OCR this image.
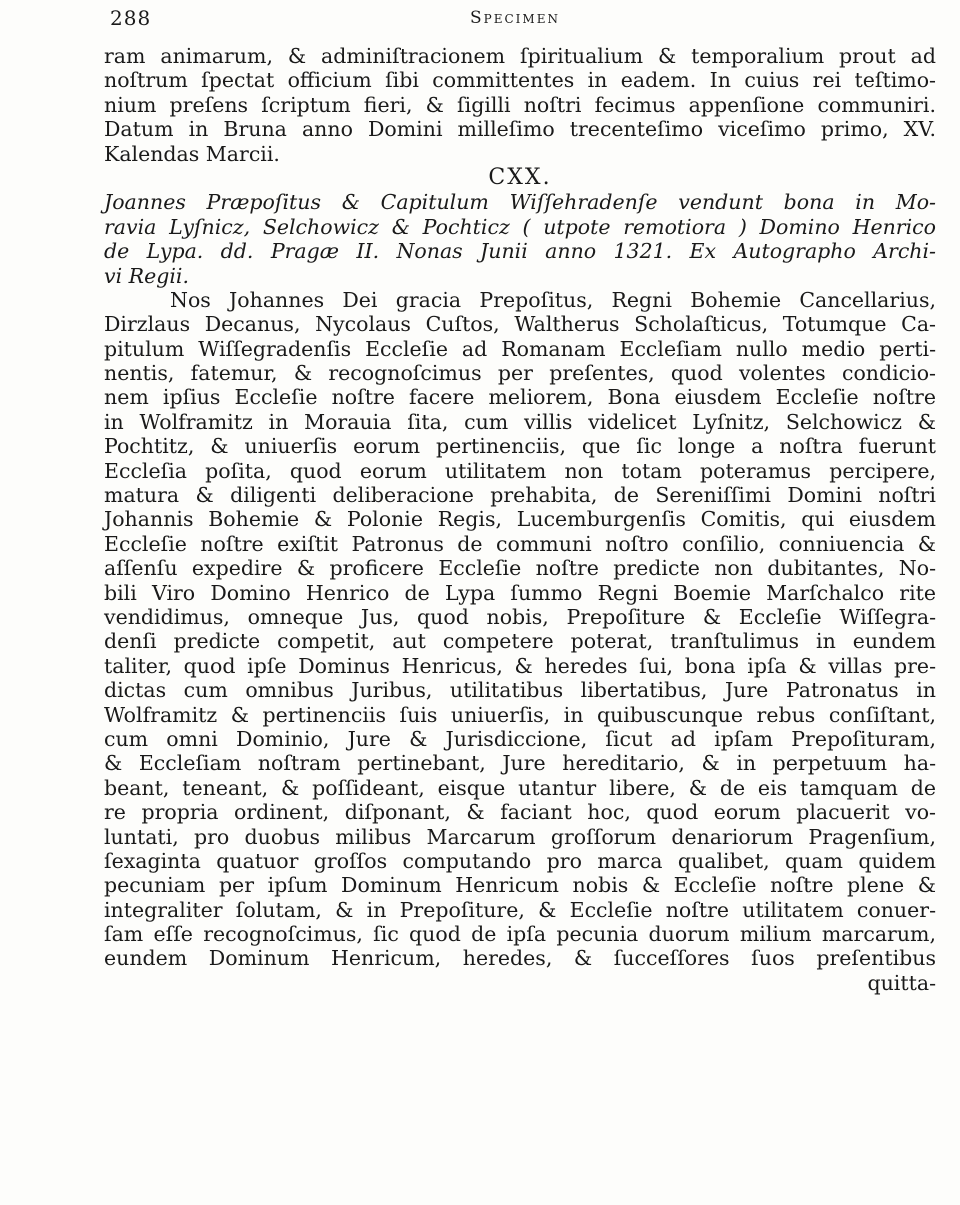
288	Specimen
ram animarum, & adminiſtracionem ſpiritualium & temporalium prout ad
noſtrum ſpectat officium ſibi committentes in eadem. In cuius rei teſtimo-
nium preſens ſcriptum fieri, & ſigilli noſtri fecimus appenſione communiri.
Datum in Bruna anno Domini milleſimo trecenteſimo viceſimo primo, XV.
Kalendas Marcii.
CXX.
Joannes Præpoſitus & Capitulum Wiſſehradenſe vendunt bona in Mo-
ravia Lyſnicz, Selchowicz & Pochticz ( utpote remotiora ) Domino Henrico
de Lypa. dd. Pragæ II. Nonas Junii anno 1321. Ex Autographo Archi-
vi Regii.
Nos Johannes Dei gracia Prepoſitus, Regni Bohemie Cancellarius,
Dirzlaus Decanus, Nycolaus Cuſtos, Waltherus Scholaſticus, Totumque Ca-
pitulum Wiſſegradenſis Eccleſie ad Romanam Eccleſiam nullo medio perti-
nentis, fatemur, & recognoſcimus per preſentes, quod volentes condicio-
nem ipſius Eccleſie noſtre facere meliorem, Bona eiusdem Eccleſie noſtre
in Wolframitz in Morauia ſita, cum villis videlicet Lyſnitz, Selchowicz &
Pochtitz, & uniuerſis eorum pertinenciis, que ſic longe a noſtra fuerunt
Eccleſia poſita, quod eorum utilitatem non totam poteramus percipere,
matura & diligenti deliberacione prehabita, de Sereniſſimi Domini noſtri
Johannis Bohemie & Polonie Regis, Lucemburgenſis Comitis, qui eiusdem
Eccleſie noſtre exiſtit Patronus de communi noſtro conſilio, conniuencia &
aſſenſu expedire & proficere Eccleſie noſtre predicte non dubitantes, No-
bili Viro Domino Henrico de Lypa ſummo Regni Boemie Marſchalco rite
vendidimus, omneque Jus, quod nobis, Prepoſiture & Eccleſie Wiſſegra-
denſi predicte competit, aut competere poterat, tranſtulimus in eundem
taliter, quod ipſe Dominus Henricus, & heredes ſui, bona ipſa & villas pre-
dictas cum omnibus Juribus, utilitatibus libertatibus, Jure Patronatus in
Wolframitz & pertinenciis ſuis uniuerſis, in quibuscunque rebus conſiſtant,
cum omni Dominio, Jure & Jurisdiccione, ſicut ad ipſam Prepoſituram,
& Eccleſiam noſtram pertinebant, Jure hereditario, & in perpetuum ha-
beant, teneant, & poſſideant, eisque utantur libere, & de eis tamquam de
re propria ordinent, diſponant, & faciant hoc, quod eorum placuerit vo-
luntati, pro duobus milibus Marcarum groſſorum denariorum Pragenſium,
ſexaginta quatuor groſſos computando pro marca qualibet, quam quidem
pecuniam per ipſum Dominum Henricum nobis & Eccleſie noſtre plene &
integraliter ſolutam, & in Prepoſiture, & Eccleſie noſtre utilitatem conuer-
ſam eſſe recognoſcimus, ſic quod de ipſa pecunia duorum milium marcarum,
eundem Dominum Henricum, heredes, & ſucceſſores ſuos preſentibus
quitta-
